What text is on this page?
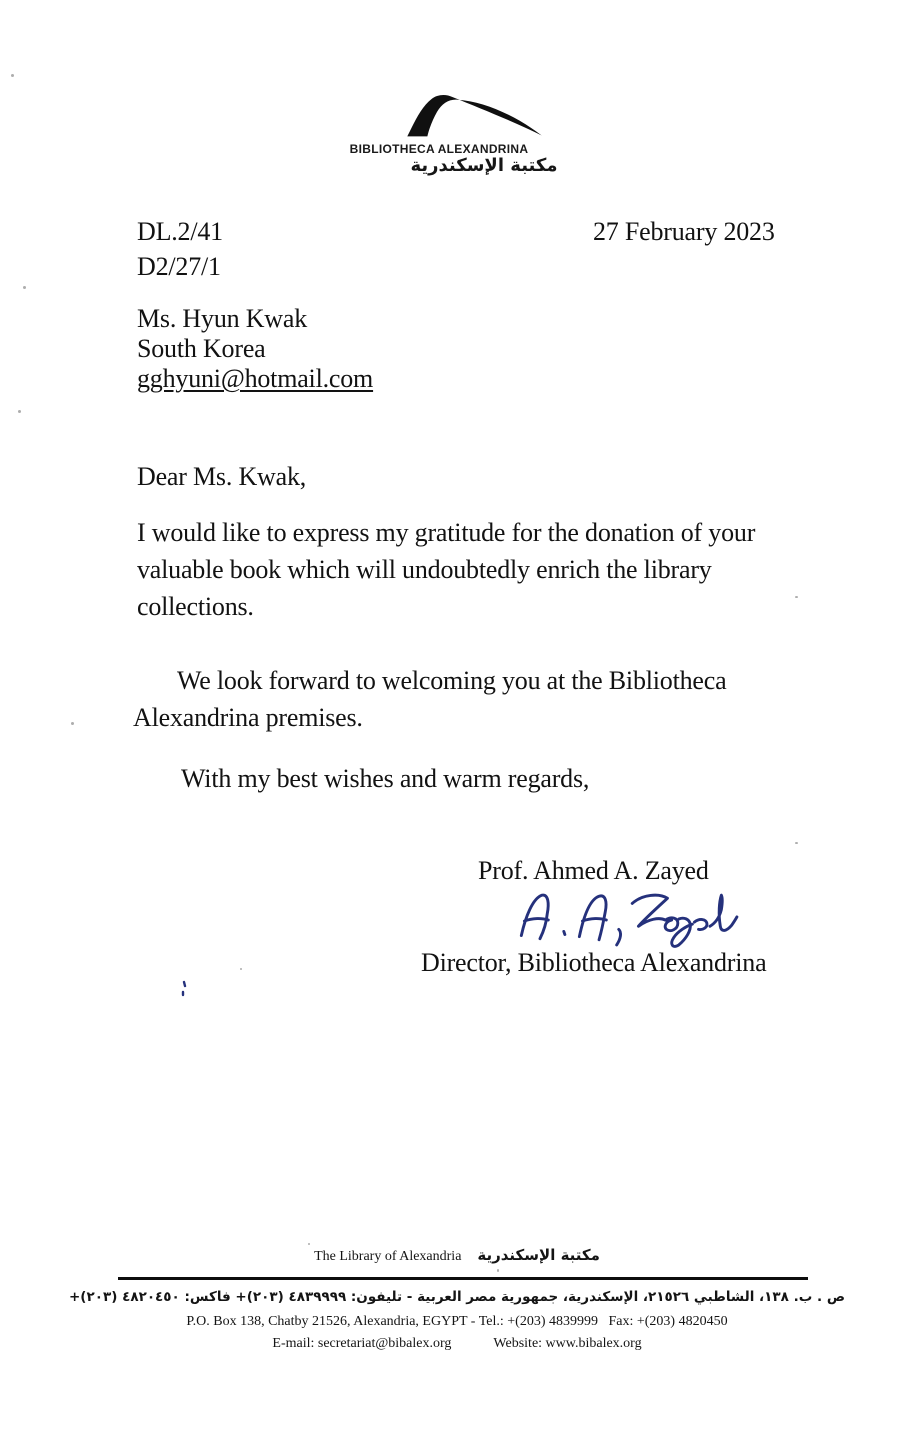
BIBLIOTHECA ALEXANDRINA
مكتبة الإسكندرية
DL.2/41
D2/27/1
27 February 2023
Ms. Hyun Kwak
South Korea
gghyuni@hotmail.com
Dear Ms. Kwak,
I would like to express my gratitude for the donation of your
valuable book which will undoubtedly enrich the library
collections.
We look forward to welcoming you at the Bibliotheca
Alexandrina premises.
With my best wishes and warm regards,
Prof. Ahmed A. Zayed
Director, Bibliotheca Alexandrina
The Library of Alexandria مكتبة الإسكندرية
ص . ب. ١٣٨، الشاطبي ٢١٥٢٦، الإسكندرية، جمهورية مصر العربية - تليفون: ٤٨٣٩٩٩٩ (٢٠٣)+ فاكس: ٤٨٢٠٤٥٠ (٢٠٣)+
P.O. Box 138, Chatby 21526, Alexandria, EGYPT - Tel.: +(203) 4839999   Fax: +(203) 4820450
E-mail: secretariat@bibalex.org	Website: www.bibalex.org
